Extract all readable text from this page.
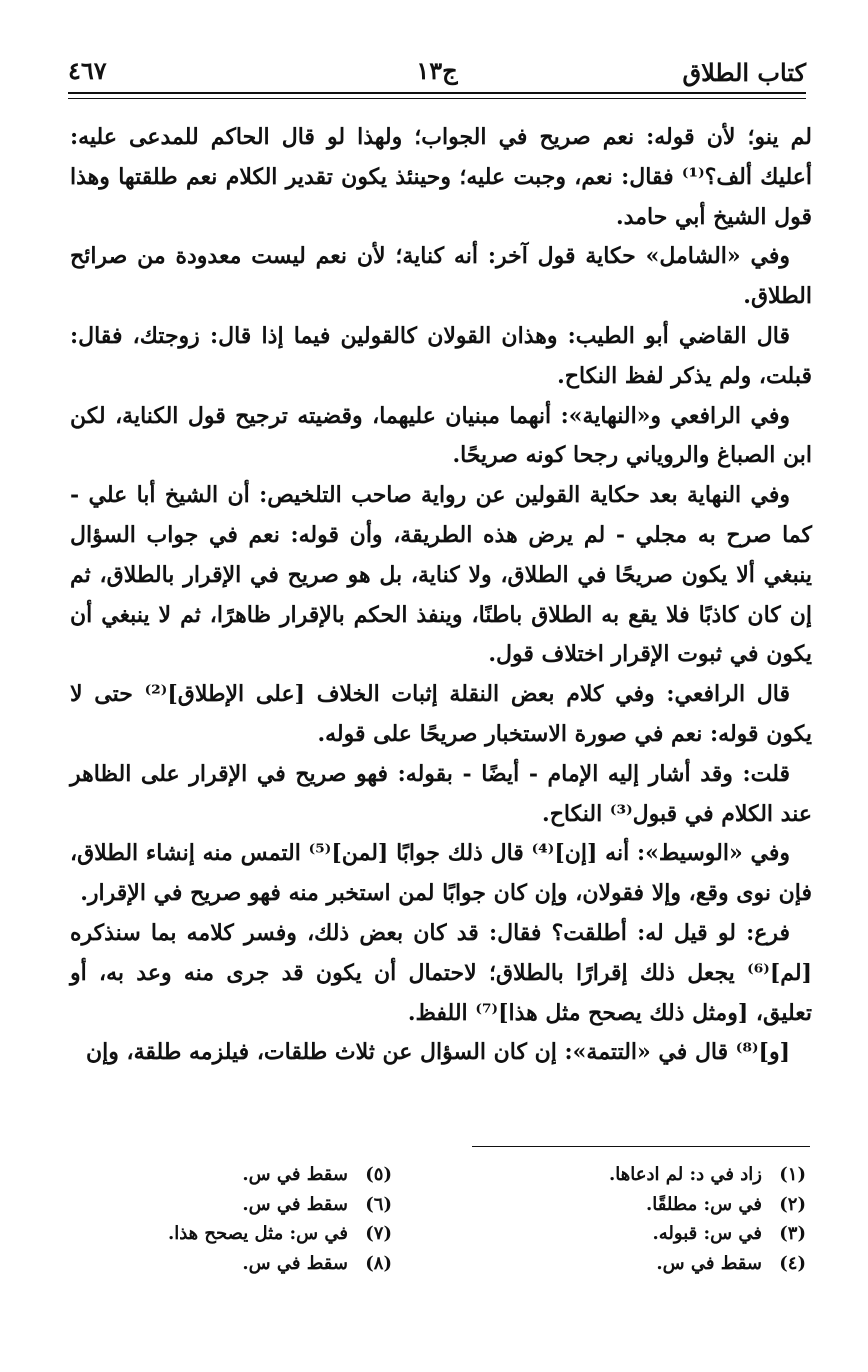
كتاب الطلاق
ج١٣
٤٦٧

لم ينو؛ لأن قوله: نعم صريح في الجواب؛ ولهذا لو قال الحاكم للمدعى عليه: أعليك ألف؟⁽¹⁾ فقال: نعم، وجبت عليه؛ وحينئذ يكون تقدير الكلام نعم طلقتها وهذا قول الشيخ أبي حامد.

وفي «الشامل» حكاية قول آخر: أنه كناية؛ لأن نعم ليست معدودة من صرائح الطلاق.

قال القاضي أبو الطيب: وهذان القولان كالقولين فيما إذا قال: زوجتك، فقال: قبلت، ولم يذكر لفظ النكاح.

وفي الرافعي و«النهاية»: أنهما مبنيان عليهما، وقضيته ترجيح قول الكناية، لكن ابن الصباغ والروياني رجحا كونه صريحًا.

وفي النهاية بعد حكاية القولين عن رواية صاحب التلخيص: أن الشيخ أبا علي - كما صرح به مجلي - لم يرض هذه الطريقة، وأن قوله: نعم في جواب السؤال ينبغي ألا يكون صريحًا في الطلاق، ولا كناية، بل هو صريح في الإقرار بالطلاق، ثم إن كان كاذبًا فلا يقع به الطلاق باطنًا، وينفذ الحكم بالإقرار ظاهرًا، ثم لا ينبغي أن يكون في ثبوت الإقرار اختلاف قول.

قال الرافعي: وفي كلام بعض النقلة إثبات الخلاف [على الإطلاق]⁽²⁾ حتى لا يكون قوله: نعم في صورة الاستخبار صريحًا على قوله.

قلت: وقد أشار إليه الإمام - أيضًا - بقوله: فهو صريح في الإقرار على الظاهر عند الكلام في قبول⁽³⁾ النكاح.

وفي «الوسيط»: أنه [إن]⁽⁴⁾ قال ذلك جوابًا [لمن]⁽⁵⁾ التمس منه إنشاء الطلاق، فإن نوى وقع، وإلا فقولان، وإن كان جوابًا لمن استخبر منه فهو صريح في الإقرار.

فرع: لو قيل له: أطلقت؟ فقال: قد كان بعض ذلك، وفسر كلامه بما سنذكره [لم]⁽⁶⁾ يجعل ذلك إقرارًا بالطلاق؛ لاحتمال أن يكون قد جرى منه وعد به، أو تعليق، [ومثل ذلك يصحح مثل هذا]⁽⁷⁾ اللفظ.

[و]⁽⁸⁾ قال في «التتمة»: إن كان السؤال عن ثلاث طلقات، فيلزمه طلقة، وإن

(١)
زاد في د: لم ادعاها.
(٢)
في س: مطلقًا.
(٣)
في س: قبوله.
(٤)
سقط في س.
(٥)
سقط في س.
(٦)
سقط في س.
(٧)
في س: مثل يصحح هذا.
(٨)
سقط في س.
